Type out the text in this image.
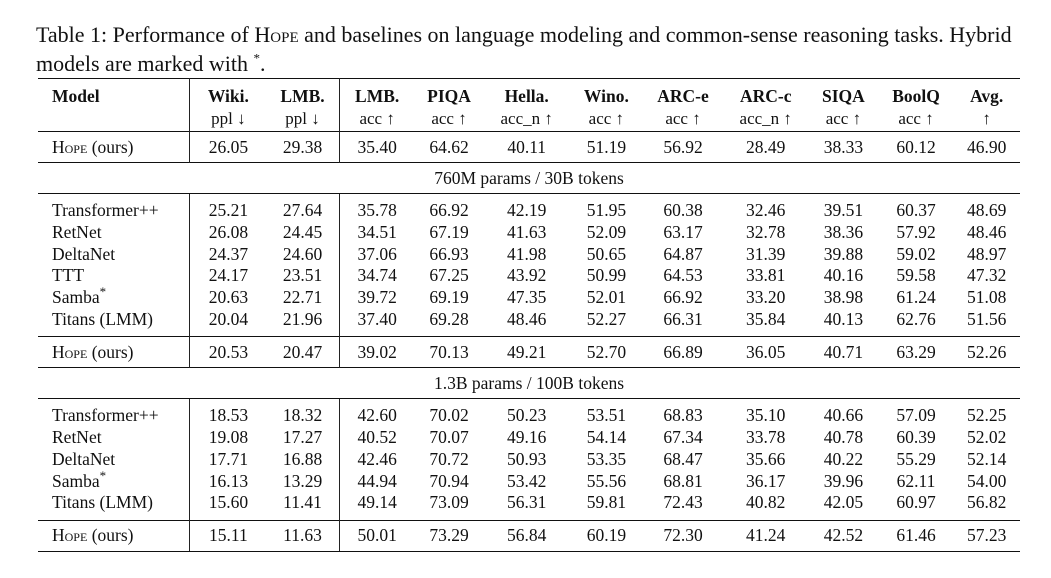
Table 1: Performance of Hope and baselines on language modeling and common-sense reasoning tasks. Hybrid models are marked with *.
Model	Wiki.	LMB.	LMB.	PIQA	Hella.	Wino.	ARC-e	ARC-c	SIQA	BoolQ	Avg.
	ppl ↓	ppl ↓	acc ↑	acc ↑	acc_n ↑	acc ↑	acc ↑	acc_n ↑	acc ↑	acc ↑	↑
Hope (ours)	26.05	29.38	35.40	64.62	40.11	51.19	56.92	28.49	38.33	60.12	46.90
760M params / 30B tokens											
Transformer++	25.21	27.64	35.78	66.92	42.19	51.95	60.38	32.46	39.51	60.37	48.69
RetNet	26.08	24.45	34.51	67.19	41.63	52.09	63.17	32.78	38.36	57.92	48.46
DeltaNet	24.37	24.60	37.06	66.93	41.98	50.65	64.87	31.39	39.88	59.02	48.97
TTT	24.17	23.51	34.74	67.25	43.92	50.99	64.53	33.81	40.16	59.58	47.32
Samba*	20.63	22.71	39.72	69.19	47.35	52.01	66.92	33.20	38.98	61.24	51.08
Titans (LMM)	20.04	21.96	37.40	69.28	48.46	52.27	66.31	35.84	40.13	62.76	51.56
Hope (ours)	20.53	20.47	39.02	70.13	49.21	52.70	66.89	36.05	40.71	63.29	52.26
1.3B params / 100B tokens											
Transformer++	18.53	18.32	42.60	70.02	50.23	53.51	68.83	35.10	40.66	57.09	52.25
RetNet	19.08	17.27	40.52	70.07	49.16	54.14	67.34	33.78	40.78	60.39	52.02
DeltaNet	17.71	16.88	42.46	70.72	50.93	53.35	68.47	35.66	40.22	55.29	52.14
Samba*	16.13	13.29	44.94	70.94	53.42	55.56	68.81	36.17	39.96	62.11	54.00
Titans (LMM)	15.60	11.41	49.14	73.09	56.31	59.81	72.43	40.82	42.05	60.97	56.82
Hope (ours)	15.11	11.63	50.01	73.29	56.84	60.19	72.30	41.24	42.52	61.46	57.23
